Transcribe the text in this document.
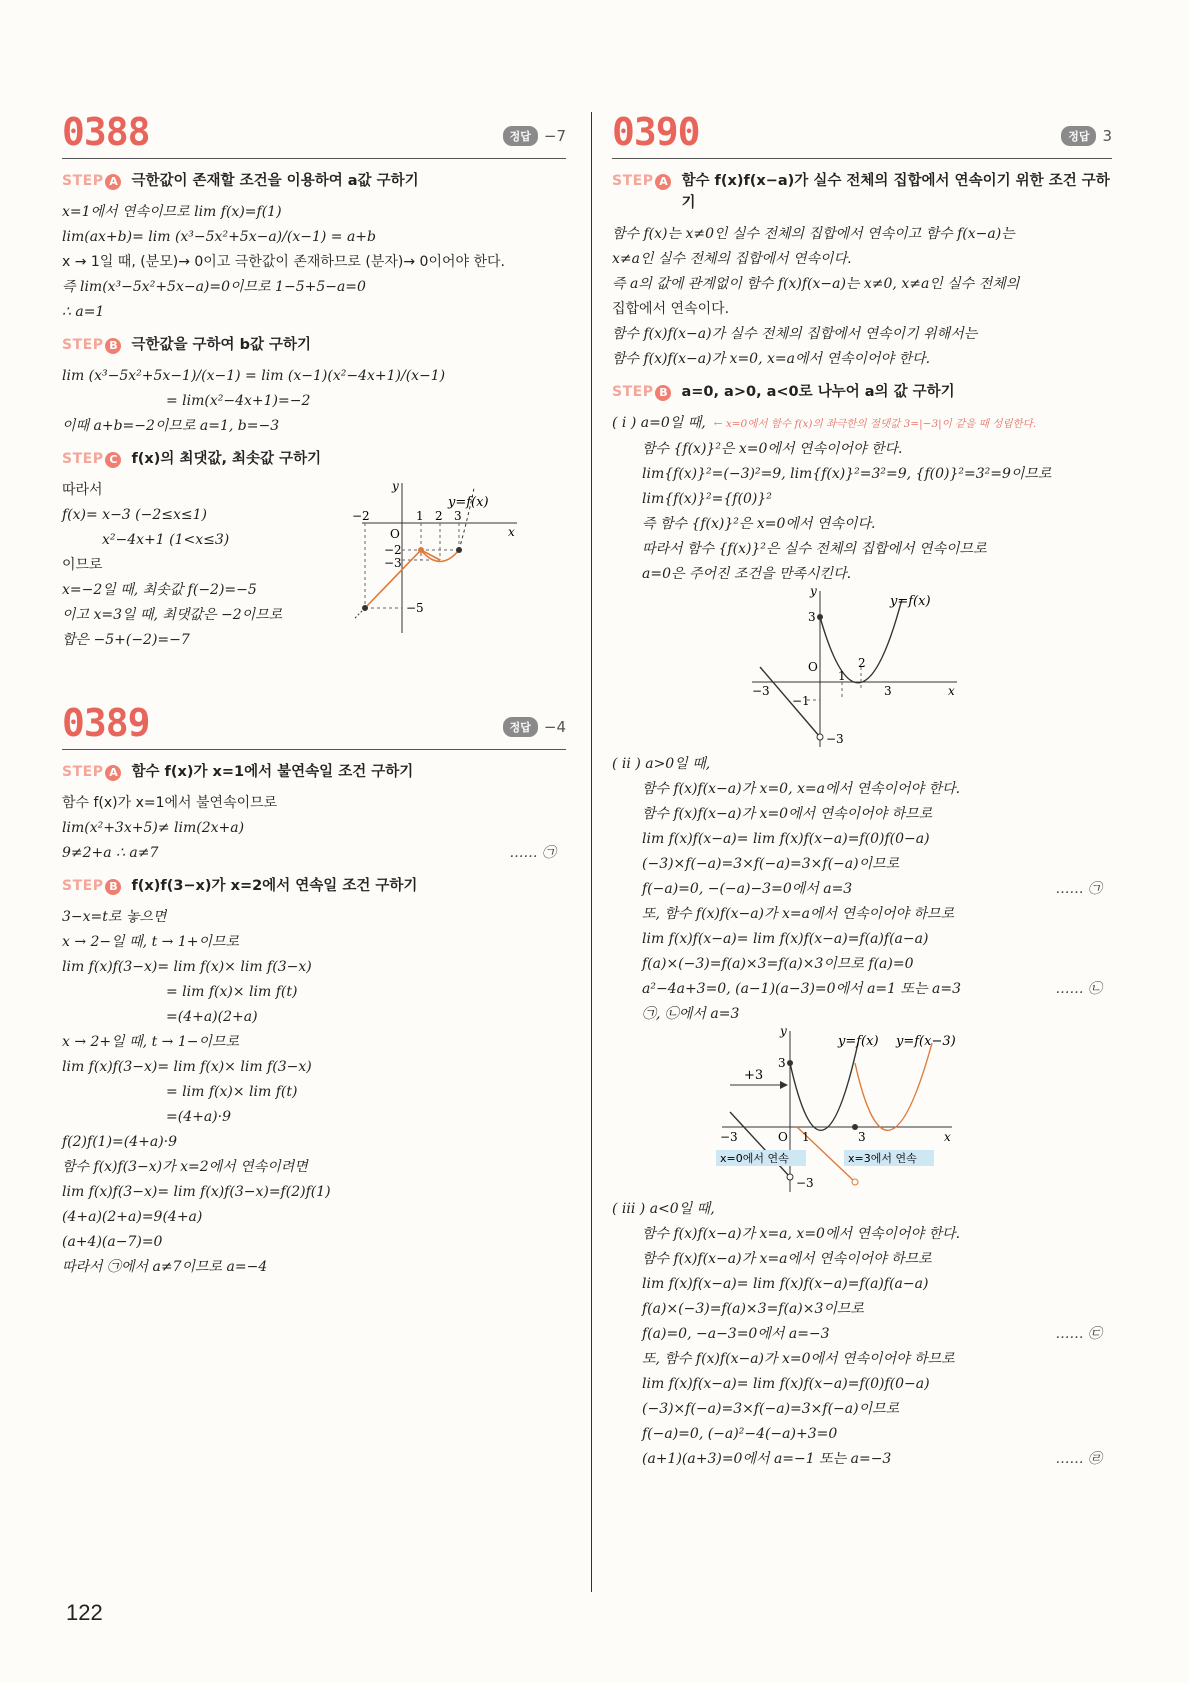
0388	정답 −7
STEP A 극한값이 존재할 조건을 이용하여 a값 구하기
x=1에서 연속이므로 lim f(x)=f(1)
lim(ax+b)= lim (x³−5x²+5x−a)/(x−1) = a+b
x → 1일 때, (분모)→ 0이고 극한값이 존재하므로 (분자)→ 0이어야 한다.
즉 lim(x³−5x²+5x−a)=0이므로 1−5+5−a=0
∴ a=1
STEP B 극한값을 구하여 b값 구하기
lim (x³−5x²+5x−1)/(x−1) = lim (x−1)(x²−4x+1)/(x−1)
= lim(x²−4x+1)=−2
이때 a+b=−2이므로 a=1, b=−3
STEP C f(x)의 최댓값, 최솟값 구하기
따라서
f(x)= x−3 (−2≤x≤1)
x²−4x+1 (1<x≤3)
이므로
x=−2일 때, 최솟값 f(−2)=−5
이고 x=3일 때, 최댓값은 −2이므로
합은 −5+(−2)=−7
y=f(x)
−2	1 2 3
O
−2
−3
−5
x
y
0389	정답 −4
STEP A 함수 f(x)가 x=1에서 불연속일 조건 구하기
함수 f(x)가 x=1에서 불연속이므로
lim(x²+3x+5)≠ lim(2x+a)
9≠2+a ∴ a≠7	…… ㉠
STEP B f(x)f(3−x)가 x=2에서 연속일 조건 구하기
3−x=t로 놓으면
x → 2−일 때, t → 1+이므로
lim f(x)f(3−x)= lim f(x)× lim f(3−x)
= lim f(x)× lim f(t)
=(4+a)(2+a)
x → 2+일 때, t → 1−이므로
lim f(x)f(3−x)= lim f(x)× lim f(3−x)
= lim f(x)× lim f(t)
=(4+a)·9
f(2)f(1)=(4+a)·9
함수 f(x)f(3−x)가 x=2에서 연속이려면
lim f(x)f(3−x)= lim f(x)f(3−x)=f(2)f(1)
(4+a)(2+a)=9(4+a)
(a+4)(a−7)=0
따라서 ㉠에서 a≠7이므로 a=−4
0390	정답 3
STEP A 함수 f(x)f(x−a)가 실수 전체의 집합에서 연속이기 위한 조건 구하기
함수 f(x)는 x≠0인 실수 전체의 집합에서 연속이고 함수 f(x−a)는
x≠a인 실수 전체의 집합에서 연속이다.
즉 a의 값에 관계없이 함수 f(x)f(x−a)는 x≠0, x≠a인 실수 전체의
집합에서 연속이다.
함수 f(x)f(x−a)가 실수 전체의 집합에서 연속이기 위해서는
함수 f(x)f(x−a)가 x=0, x=a에서 연속이어야 한다.
STEP B a=0, a>0, a<0로 나누어 a의 값 구하기
( i ) a=0일 때, ← x=0에서 함수 f(x)의 좌극한의 절댓값 3=|−3|이 같을 때 성립한다.
함수 {f(x)}²은 x=0에서 연속이어야 한다.
lim{f(x)}²=(−3)²=9, lim{f(x)}²=3²=9, {f(0)}²=3²=9이므로
lim{f(x)}²={f(0)}²
즉 함수 {f(x)}²은 x=0에서 연속이다.
따라서 함수 {f(x)}²은 실수 전체의 집합에서 연속이므로
a=0은 주어진 조건을 만족시킨다.
y=f(x)
y
3
O	2
−3
1
3	x
−1
−3
( ii ) a>0일 때,
함수 f(x)f(x−a)가 x=0, x=a에서 연속이어야 한다.
함수 f(x)f(x−a)가 x=0에서 연속이어야 하므로
lim f(x)f(x−a)= lim f(x)f(x−a)=f(0)f(0−a)
(−3)×f(−a)=3×f(−a)=3×f(−a)이므로
f(−a)=0, −(−a)−3=0에서 a=3	…… ㉠
또, 함수 f(x)f(x−a)가 x=a에서 연속이어야 하므로
lim f(x)f(x−a)= lim f(x)f(x−a)=f(a)f(a−a)
f(a)×(−3)=f(a)×3=f(a)×3이므로 f(a)=0
a²−4a+3=0, (a−1)(a−3)=0에서 a=1 또는 a=3	…… ㉡
㉠, ㉡에서 a=3
x=0에서 연속	x=3에서 연속
y=f(x) y=f(x−3)
+3
y
3
−3	O 1	3	x
−3
( iii ) a<0일 때,
함수 f(x)f(x−a)가 x=a, x=0에서 연속이어야 한다.
함수 f(x)f(x−a)가 x=a에서 연속이어야 하므로
lim f(x)f(x−a)= lim f(x)f(x−a)=f(a)f(a−a)
f(a)×(−3)=f(a)×3=f(a)×3이므로
f(a)=0, −a−3=0에서 a=−3	…… ㉢
또, 함수 f(x)f(x−a)가 x=0에서 연속이어야 하므로
lim f(x)f(x−a)= lim f(x)f(x−a)=f(0)f(0−a)
(−3)×f(−a)=3×f(−a)=3×f(−a)이므로
f(−a)=0, (−a)²−4(−a)+3=0
(a+1)(a+3)=0에서 a=−1 또는 a=−3	…… ㉣
122
